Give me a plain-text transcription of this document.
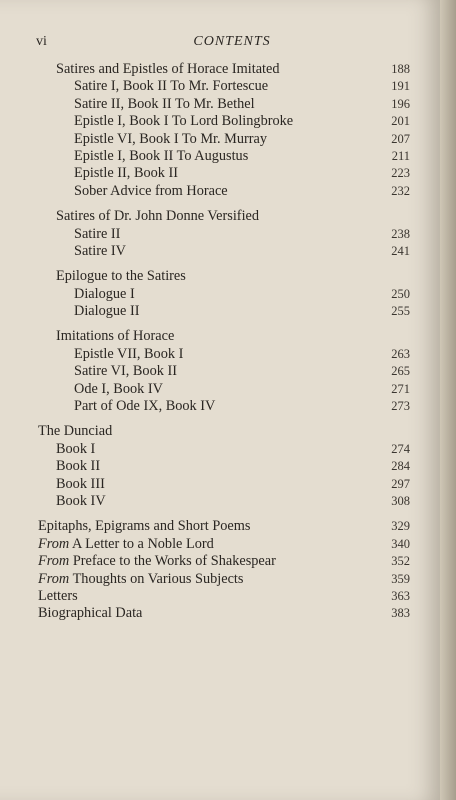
vi	CONTENTS
Satires and Epistles of Horace Imitated	188
Satire I, Book II To Mr. Fortescue	191
Satire II, Book II To Mr. Bethel	196
Epistle I, Book I To Lord Bolingbroke	201
Epistle VI, Book I To Mr. Murray	207
Epistle I, Book II To Augustus	211
Epistle II, Book II	223
Sober Advice from Horace	232
Satires of Dr. John Donne Versified
Satire II	238
Satire IV	241
Epilogue to the Satires
Dialogue I	250
Dialogue II	255
Imitations of Horace
Epistle VII, Book I	263
Satire VI, Book II	265
Ode I, Book IV	271
Part of Ode IX, Book IV	273
The Dunciad
Book I	274
Book II	284
Book III	297
Book IV	308
Epitaphs, Epigrams and Short Poems	329
From A Letter to a Noble Lord	340
From Preface to the Works of Shakespear	352
From Thoughts on Various Subjects	359
Letters	363
Biographical Data	383
